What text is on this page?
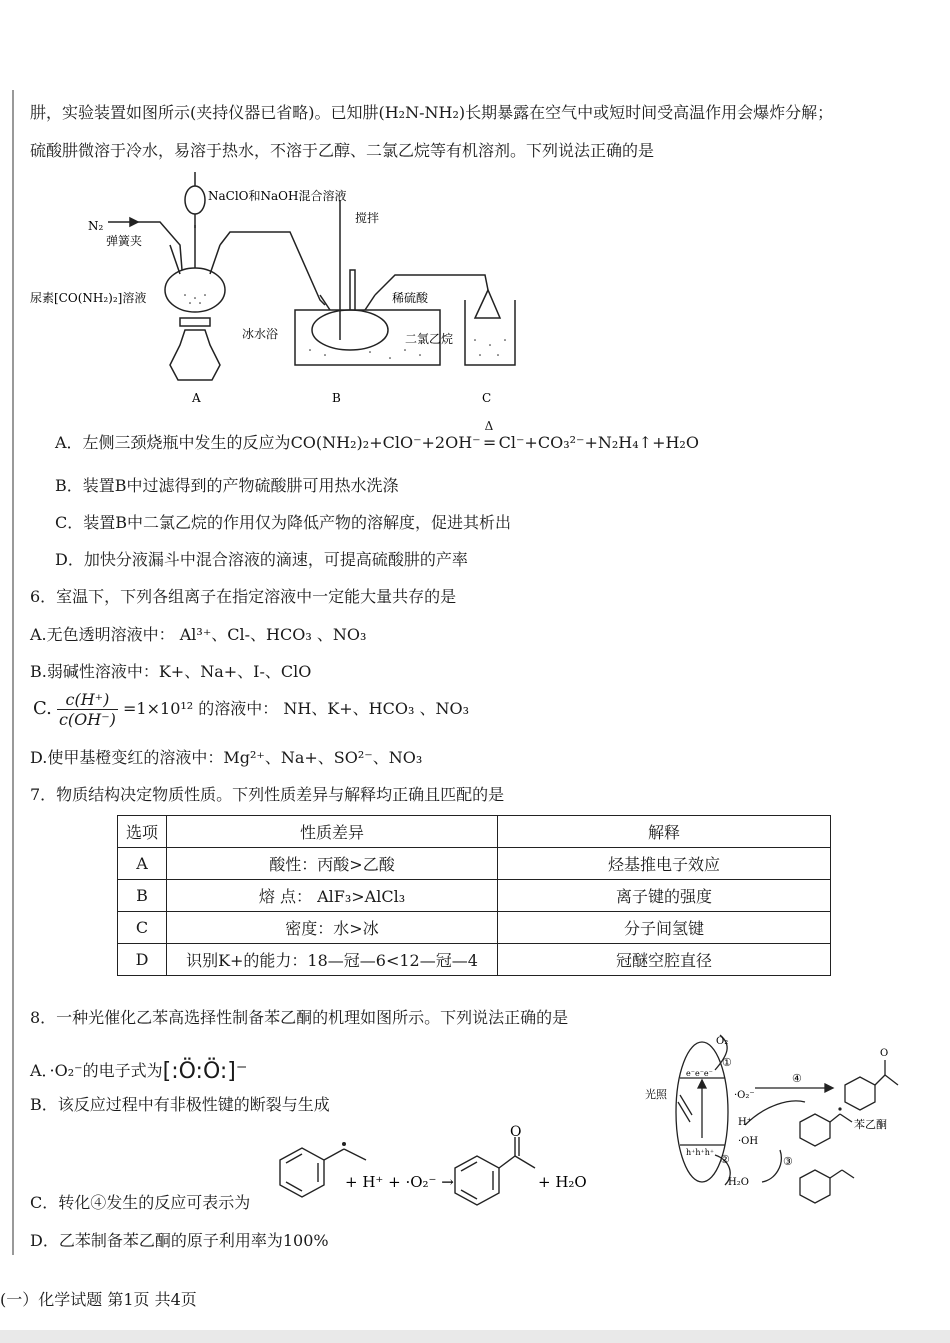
肼，实验装置如图所示(夹持仪器已省略)。已知肼(H₂N-NH₂)长期暴露在空气中或短时间受高温作用会爆炸分解；
硫酸肼微溶于冷水，易溶于热水，不溶于乙醇、二氯乙烷等有机溶剂。下列说法正确的是
N₂
弹簧夹
尿素[CO(NH₂)₂]溶液
NaClO和NaOH混合溶液
搅拌
稀硫酸
冰水浴	二氯乙烷
A	B	C
A．左侧三颈烧瓶中发生的反应为CO(NH₂)₂+ClO⁻+2OH⁻
Δ
= Cl⁻+CO₃²⁻+N₂H₄↑+H₂O
B．装置B中过滤得到的产物硫酸肼可用热水洗涤
C．装置B中二氯乙烷的作用仅为降低产物的溶解度，促进其析出
D．加快分液漏斗中混合溶液的滴速，可提高硫酸肼的产率
6．室温下，下列各组离子在指定溶液中一定能大量共存的是
A.无色透明溶液中： Al³⁺、Cl-、HCO₃ 、NO₃
B.弱碱性溶液中：K+、Na+、I-、ClO
C. $\frac{c(H^+)}{c(OH^-)} =1\times 10^{12}$ 的溶液中： NH、K+、HCO₃ 、NO₃
D.使甲基橙变红的溶液中：Mg²⁺、Na+、SO²⁻、NO₃
7．物质结构决定物质性质。下列性质差异与解释均正确且匹配的是
选项	性质差异	解释
A	酸性：丙酸>乙酸	烃基推电子效应
B	熔 点： AlF₃>AlCl₃	离子键的强度
C	密度：水>冰	分子间氢键
D	识别K+的能力：18—冠—6<12—冠—4	冠醚空腔直径
8．一种光催化乙苯高选择性制备苯乙酮的机理如图所示。下列说法正确的是
A．·O₂⁻的电子式为[:Ö:Ö:]⁻
B．该反应过程中有非极性键的断裂与生成
C．转化④发生的反应可表示为
+ H⁺ + ·O₂⁻ →
O
+ H₂O
D．乙苯制备苯乙酮的原子利用率为100%
O₂
①
②	③
④
光照
e⁻e⁻e⁻
h⁺h⁺h⁺
·O₂⁻
H⁺
·OH
H₂O
苯乙酮
O
(一）化学试题 第1页 共4页
